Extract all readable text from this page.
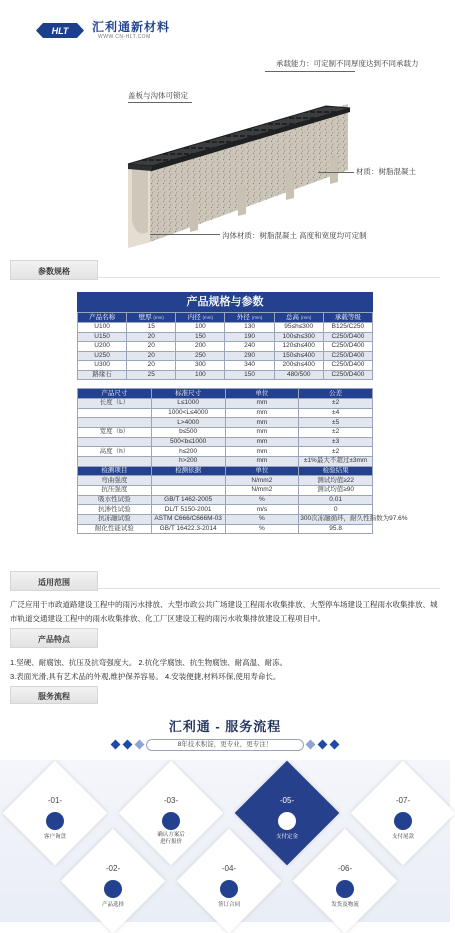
HLT 汇利通新材料
WWW.CN-HLT.COM
承载能力：可定制不同厚度达到不同承载力
盖板与沟体可锁定
材质：树脂混凝土
沟体材质：树脂混凝土 高度和宽度均可定制
参数规格
产品规格与参数
产品名称	壁厚 (mm)	内径 (mm)	外径 (mm)	总高 (mm)	承载等级
U100	15	100	130	95≤h≤300	B125/C250
U150	20	150	190	100≤h≤300	C250/D400
U200	20	200	240	120≤h≤400	C250/D400
U250	20	250	290	150≤h≤400	C250/D400
U300	20	300	340	200≤h≤400	C250/D400
路缘石	25	100	150	480/500	C250/D400
产品尺寸	标准尺寸	单位	公差
长度（L）	L≤1000	mm	±2
	1000<L≤4000	mm	±4
	L>4000	mm	±5
宽度（b）	b≤500	mm	±2
	500<b≤1000	mm	±3
高度（h）	h≤200	mm	±2
	h>200	mm	±1%最大不超过±3mm
检测项目	检测依据	单位	检验结果
弯曲强度		N/mm2	测试均值≥22
抗压强度		N/mm2	测试均值≥90
吸水性试验	GB/T 1462-2005	%	0.01
抗渗性试验	DL/T 5150-2001	m/s	0
抗冻融试验	ASTM C666/C666M-03	%	300次冻融循环，耐久性指数为97.6%
耐化性能试验	GB/T 16422.3-2014	%	95.8
适用范围
广泛应用于市政道路建设工程中的雨污水排放、大型市政公共广场建设工程雨水收集排放、大型停车场建设工程雨水收集排放、城市轨道交通建设工程中的雨水收集排放、化工厂区建设工程的雨污水收集排放建设工程项目中。
产品特点
1.坚硬、耐腐蚀、抗压及抗弯强度大。 2.抗化学腐蚀、抗生物腐蚀、耐高温、耐冻。
3.表面光滑,具有艺术品的外观,维护保养容易。 4.安装便捷,材料环保,使用寿命长。
服务流程
汇利通 - 服务流程
8年技术积淀，更专业，更专注！
-01-
客户询盘
-03-
确认方案后
进行报价
-05-
支付定金
-07-
支付尾款
-02-
产品选择
-04-
签订合同
-06-
发货及物流
